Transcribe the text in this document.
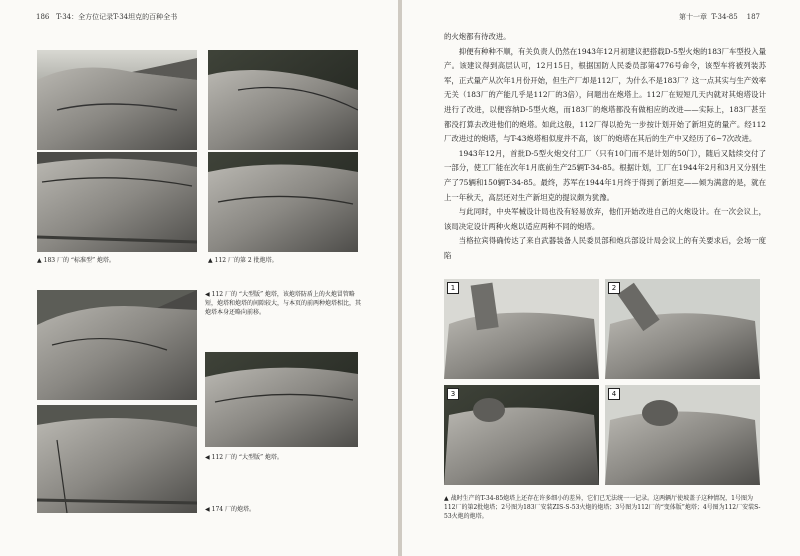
186 T-34：全方位记录T-34坦克的百种全书
▲ 183 厂的 “标准型” 炮塔。	▲ 112 厂的第 2 批炮塔。
◀ 112 厂的 “大型版” 炮塔，该炮塔防盾上的火炮冒管略短，炮塔和炮塔的间隙较大，与本页的前两种炮塔相比，其炮塔本身还略向前移。
◀ 112 厂的 “大型版” 炮塔。
◀ 174 厂的炮塔。
第十一章 T-34-85 187

的火炮都有待改进。

抑便有种种不顺，有关负责人仍然在1943年12月初建议把搭载D-5型火炮的183厂车型投入量产。该建议得到高层认可，12月15日，根据国防人民委员部第4776号命令，该型车将被列装苏军，正式量产从次年1月份开始，但生产厂却是112厂，为什么不是183厂？这一点其实与生产效率无关（183厂的产能几乎是112厂的3倍），问题出在炮塔上。112厂在短短几天内就对其炮塔设计进行了改进，以便容纳D-5型火炮，而183厂的炮塔都没有做相应的改进——实际上，183厂甚至都没打算去改进他们的炮塔。如此这般，112厂得以抢先一步按计划开始了新坦克的量产。经112厂改进过的炮塔，与T-43炮塔相似度并不高，该厂的炮塔在其后的生产中又经历了6~7次改进。

1943年12月，首批D-5型火炮交付工厂（只有10门而不是计划的50门），随后又陆续交付了一部分，使工厂能在次年1月底前生产25辆T-34-85。根据计划，工厂在1944年2月和3月又分别生产了75辆和150辆T-34-85。最终，苏军在1944年1月终于得到了新坦克——倾为满意的是，就在上一年秋天，高层还对生产新坦克的提议颇为犹豫。

与此同时，中央军械设计局也没有轻易放弃，他们开始改进自己的火炮设计。在一次会议上，该局决定设计两种火炮以适应两种不同的炮塔。

当格拉宾得确传达了来自武器装备人民委员部和炮兵部设计局会议上的有关要求后，会场一度陷

1	2
3	4
▲ 战时生产的T-34-85炮塔上还存在许多细小的差异，它们已无法统一一记录。这两辆厅使坡盖子这种情况，1号图为112厂的第2批炮塔；2号图为183厂安装ZIS-S-53火炮的炮塔；3号图为112厂的“变体版”炮塔；4号图为112厂安装S-53火炮的炮塔。
